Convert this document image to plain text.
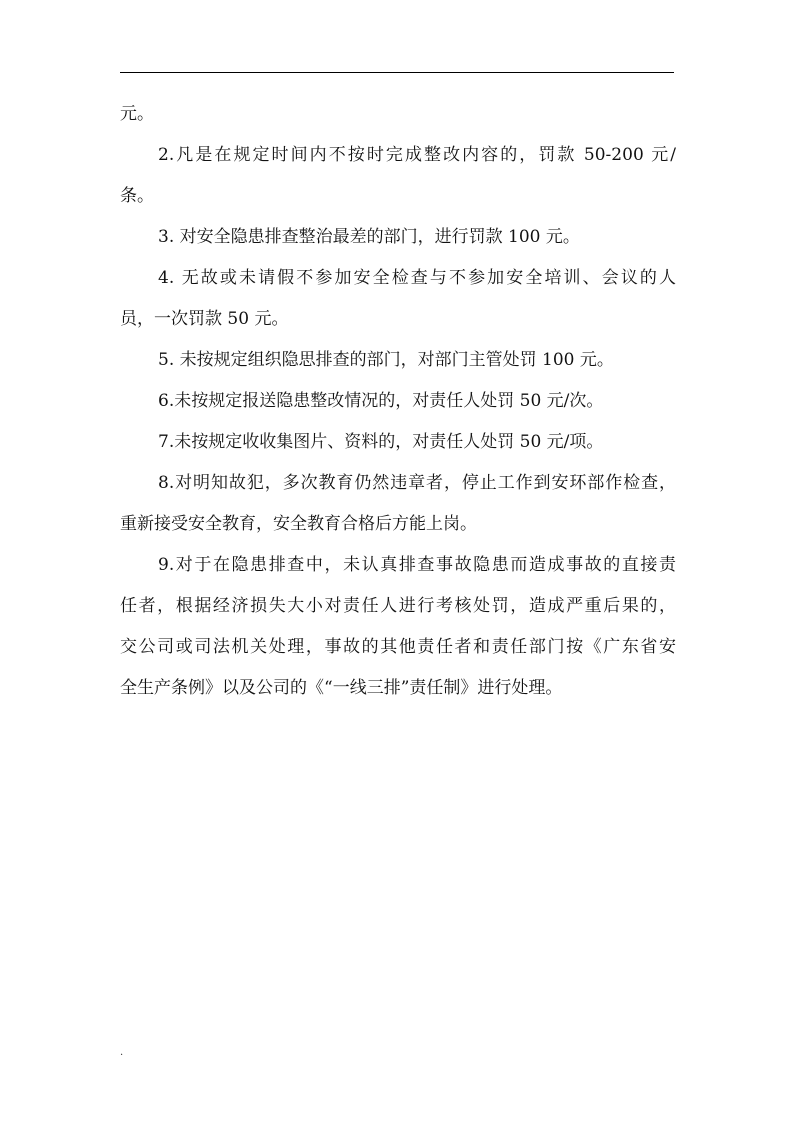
元。
2.凡是在规定时间内不按时完成整改内容的，罚款 50-200 元/
条。
3. 对安全隐患排查整治最差的部门，进行罚款 100 元。
4. 无故或未请假不参加安全检查与不参加安全培训、会议的人
员，一次罚款 50 元。
5. 未按规定组织隐思排查的部门，对部门主管处罚 100 元。
6.未按规定报送隐患整改情况的，对责任人处罚 50 元/次。
7.未按规定收收集图片、资料的，对责任人处罚 50 元/项。
8.对明知故犯，多次教育仍然违章者，停止工作到安环部作检查，
重新接受安全教育，安全教育合格后方能上岗。
9.对于在隐患排查中，未认真排查事故隐患而造成事故的直接责
任者，根据经济损失大小对责任人进行考核处罚，造成严重后果的，
交公司或司法机关处理，事故的其他责任者和责任部门按《广东省安
全生产条例》以及公司的《“一线三排”责任制》进行处理。
.
